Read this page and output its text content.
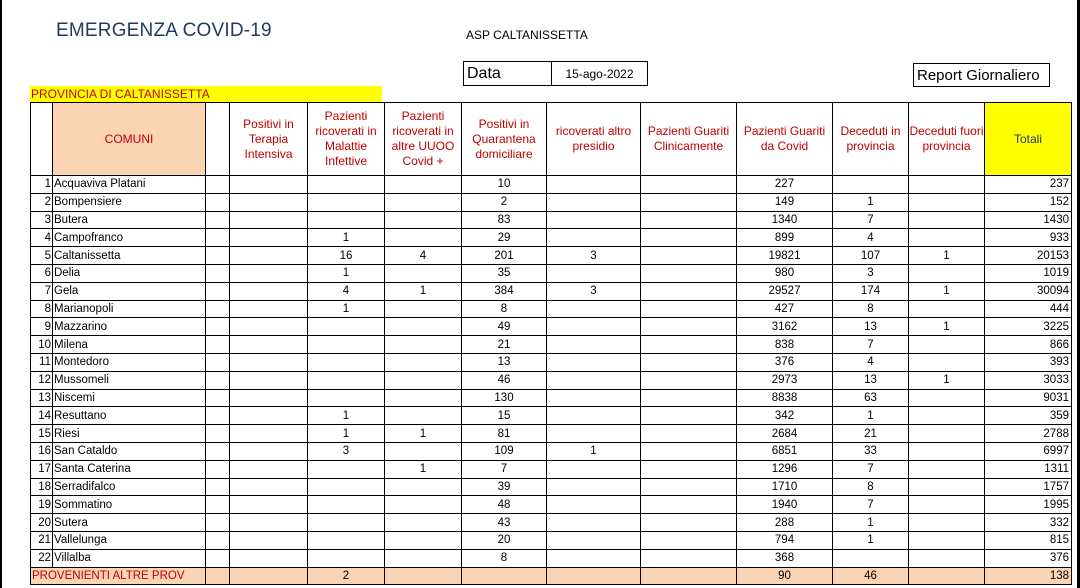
EMERGENZA COVID-19	ASP CALTANISSETTA
Data	15-ago-2022	Report Giornaliero
PROVINCIA DI CALTANISSETTA
	COMUNI		Positivi in Terapia Intensiva	Pazienti ricoverati in Malattie Infettive	Pazienti ricoverati in altre UUOO Covid +	Positivi in Quarantena domiciliare	ricoverati altro presidio	Pazienti Guariti Clinicamente	Pazienti Guariti da Covid	Deceduti in provincia	Deceduti fuori provincia	Totali
1	Acquaviva Platani					10			227			237
2	Bompensiere					2			149	1		152
3	Butera					83			1340	7		1430
4	Campofranco			1		29			899	4		933
5	Caltanissetta			16	4	201	3		19821	107	1	20153
6	Delia			1		35			980	3		1019
7	Gela			4	1	384	3		29527	174	1	30094
8	Marianopoli			1		8			427	8		444
9	Mazzarino					49			3162	13	1	3225
10	Milena					21			838	7		866
11	Montedoro					13			376	4		393
12	Mussomeli					46			2973	13	1	3033
13	Niscemi					130			8838	63		9031
14	Resuttano			1		15			342	1		359
15	Riesi			1	1	81			2684	21		2788
16	San Cataldo			3		109	1		6851	33		6997
17	Santa Caterina				1	7			1296	7		1311
18	Serradifalco					39			1710	8		1757
19	Sommatino					48			1940	7		1995
20	Sutera					43			288	1		332
21	Vallelunga					20			794	1		815
22	Villalba					8			368			376
PROVENIENTI ALTRE PROV				2					90	46		138
